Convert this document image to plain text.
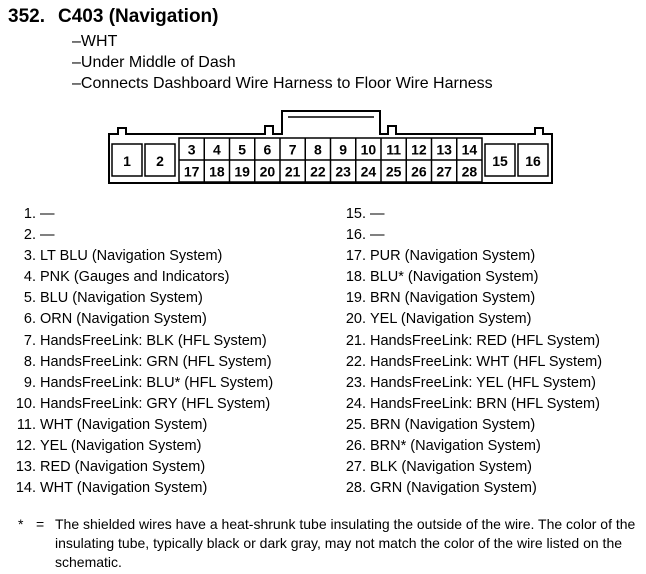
352. C403 (Navigation)
– WHT
– Under Middle of Dash
– Connects Dashboard Wire Harness to Floor Wire Harness
3 4 5 6 7 8 9 10 11 12 13 14
17 18 19 20 21 22 23 24 25 26 27 28
1 2	15 16
1. —
2. —
3. LT BLU (Navigation System)
4. PNK (Gauges and Indicators)
5. BLU (Navigation System)
6. ORN (Navigation System)
7. HandsFreeLink: BLK (HFL System)
8. HandsFreeLink: GRN (HFL System)
9. HandsFreeLink: BLU* (HFL System)
10. HandsFreeLink: GRY (HFL System)
11. WHT (Navigation System)
12. YEL (Navigation System)
13. RED (Navigation System)
14. WHT (Navigation System)
15. —
16. —
17. PUR (Navigation System)
18. BLU* (Navigation System)
19. BRN (Navigation System)
20. YEL (Navigation System)
21. HandsFreeLink: RED (HFL System)
22. HandsFreeLink: WHT (HFL System)
23. HandsFreeLink: YEL (HFL System)
24. HandsFreeLink: BRN (HFL System)
25. BRN (Navigation System)
26. BRN* (Navigation System)
27. BLK (Navigation System)
28. GRN (Navigation System)
* = The shielded wires have a heat-shrunk tube insulating the outside of the wire. The color of the insulating tube, typically black or dark gray, may not match the color of the wire listed on the schematic.
